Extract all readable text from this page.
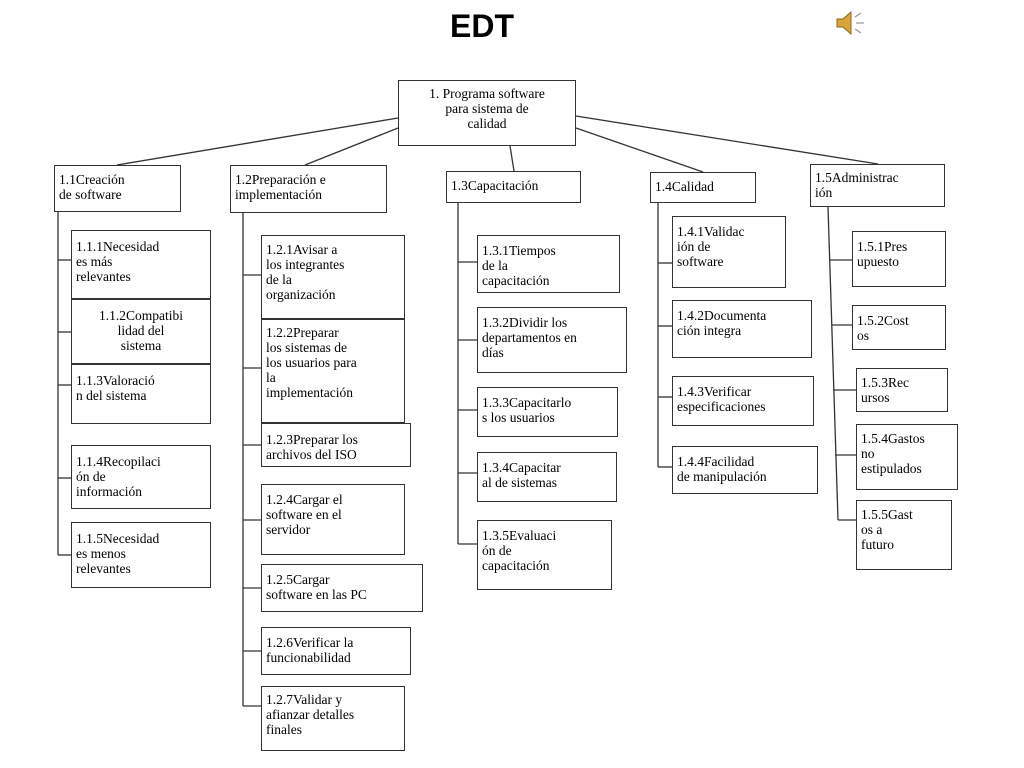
EDT
1. Programa software
para sistema de
calidad
1.1Creación
de software
1.2Preparación e
implementación
1.3Capacitación	1.4Calidad
1.5Administrac
ión
1.1.1Necesidad
es más
relevantes
1.1.2Compatibi
lidad del
sistema
1.1.3Valoració
n del sistema
1.1.4Recopilaci
ón de
información
1.1.5Necesidad
es menos
relevantes
1.2.1Avisar a
los integrantes
de la
organización
1.2.2Preparar
los sistemas de
los usuarios para
la
implementación
1.2.3Preparar los
archivos del ISO
1.2.4Cargar el
software en el
servidor
1.2.5Cargar
software en las PC
1.2.6Verificar la
funcionabilidad
1.2.7Validar y
afianzar detalles
finales
1.3.1Tiempos
de la
capacitación
1.3.2Dividir los
departamentos en
días
1.3.3Capacitarlo
s los usuarios
1.3.4Capacitar
al de sistemas
1.3.5Evaluaci
ón de
capacitación
1.4.1Validac
ión de
software
1.4.2Documenta
ción integra
1.4.3Verificar
especificaciones
1.4.4Facilidad
de manipulación
1.5.1Pres
upuesto
1.5.2Cost
os
1.5.3Rec
ursos
1.5.4Gastos
no
estipulados
1.5.5Gast
os a
futuro
